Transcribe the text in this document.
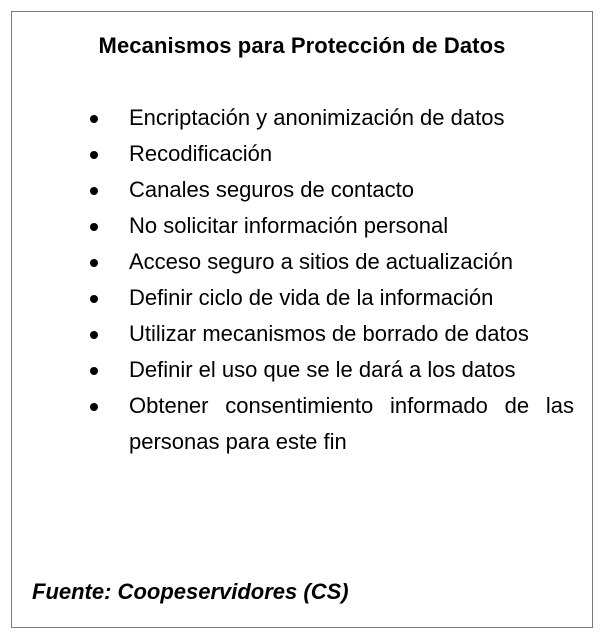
Mecanismos para Protección de Datos
Encriptación y anonimización de datos
Recodificación
Canales seguros de contacto
No solicitar información personal
Acceso seguro a sitios de actualización
Definir ciclo de vida de la información
Utilizar mecanismos de borrado de datos
Definir el uso que se le dará a los datos
Obtener consentimiento informado de las personas para este fin
Fuente: Coopeservidores (CS)
